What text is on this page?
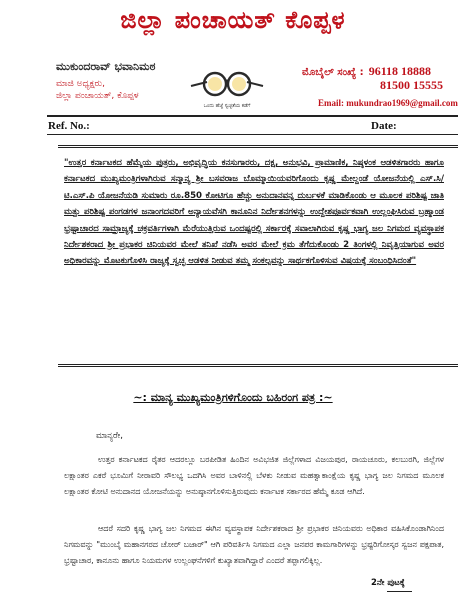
ಜಿಲ್ಲಾ ಪಂಚಾಯತ್ ಕೊಪ್ಪಳ
ಮುಕುಂದರಾವ್ ಭವಾನಿಮಠ
ಮಾಜಿ ಅಧ್ಯಕ್ಷರು,
ಜಿಲ್ಲಾ ಪಂಚಾಯತ್, ಕೊಪ್ಪಳ
ಒಂದು ಹೆಜ್ಜೆ ಸ್ವಚ್ಛತೆಯ ಕಡೆಗೆ
ಮೊಬೈಲ್ ಸಂಖ್ಯೆ : 96118 18888
81500 15555
Email: mukundrao1969@gmail.com
Ref. No.:	Date:
"ಉತ್ತರ ಕರ್ನಾಟಕದ ಹೆಮ್ಮೆಯ ಪುತ್ರರು, ಅಭಿವೃದ್ಧಿಯ ಕನಸುಗಾರರು, ದಕ್ಷ, ಅನುಭವಿ, ಪ್ರಾಮಾಣಿಕ, ನಿಷ್ಠಳಂಕ ಆಡಳಿತಗಾರರು ಹಾಗೂ ಕರ್ನಾಟಕದ ಮುಖ್ಯಮಂತ್ರಿಗಳಾಗಿರುವ ಸನ್ಮಾನ್ಯ ಶ್ರೀ ಬಸವರಾಜ ಬೊಮ್ಮಾಯಿಯವರಿಗೊಂದು ಕೃಷ್ಣ ಮೇಲ್ದಂಡೆ ಯೋಜನೆಯಲ್ಲಿ ಎಸ್.ಸಿ/ಟಿ.ಎಸ್.ಪಿ ಯೋಜನೆಯಡಿ ಸುಮಾರು ರೂ.850 ಕೋಟಿಗೂ ಹೆಚ್ಚು ಅನುದಾನವನ್ನ ದುರ್ಬಳಕೆ ಮಾಡಿಕೊಂಡು ಆ ಮೂಲಕ ಪರಿಶಿಷ್ಟ ಜಾತಿ ಮತ್ತು ಪರಿಶಿಷ್ಟ ಪಂಗಡಗಳ ಜನಾಂಗದವರಿಗೆ ಅನ್ಯಾಯವೆಸಗಿ ಕಾನೂನಿನ ನಿರ್ದೇಶನಗಳನ್ನು ಉದ್ದೇಶಪೂರ್ವಕವಾಗಿ ಉಲ್ಲಂಘಿಸಿರುವ ಬ್ರಹ್ಮಾಂಡ ಭ್ರಷ್ಟಾಚಾರದ ಸಾಮ್ರಾಜ್ಯಕ್ಕೆ ಚಕ್ರವರ್ತಿಗಳಾಗಿ ಮೆರೆಯುತ್ತಿರುವ ಒಂದಷ್ಟರಲ್ಲಿ ಸರ್ಕಾರಕ್ಕೆ ಸವಾಲಾಗಿರುವ ಕೃಷ್ಣ ಭಾಗ್ಯ ಜಲ ನಿಗಮದ ವ್ಯವಸ್ಥಾಪಕ ನಿರ್ದೇಶಕರಾದ ಶ್ರೀ ಪ್ರಭಾಕರ ಚಿನಿಯವರ ಮೇಲೆ ತನಿಖೆ ನಡೆಸಿ ಅವರ ಮೇಲೆ ಕ್ರಮ ತೆಗೆದುಕೊಂಡು 2 ತಿಂಗಳಲ್ಲಿ ನಿವೃತ್ತಿಯಾಗುವ ಅವರ ಅಧಿಕಾರವನ್ನು ಮೊಟಕುಗೊಳಿಸಿ ರಾಜ್ಯಕ್ಕೆ ಸ್ವಚ್ಛ ಆಡಳಿತ ನೀಡುವ ತಮ್ಮ ಸಂಕಲ್ಪವನ್ನು ಸಾರ್ಥಕಗೊಳಿಸುವ ವಿಷಯಕ್ಕೆ ಸಂಬಂಧಿಸಿದಂತೆ"
~: ಮಾನ್ಯ ಮುಖ್ಯಮಂತ್ರಿಗಳಿಗೊಂದು ಬಹಿರಂಗ ಪತ್ರ :~
ಮಾನ್ಯರೇ,
ಉತ್ತರ ಕರ್ನಾಟಕದ ರೈತರ ಆದರಲ್ಲೂ ಬರಪೀಡಿತ ಹಿಂದಿನ ಅವಿಭಜಿತ ಜಿಲ್ಲೆಗಳಾದ ವಿಜಯಪುರ, ರಾಯಚೂರು, ಕಲಬುರಗಿ, ಜಿಲ್ಲೆಗಳ ಲಕ್ಷಾಂತರ ಎಕರೆ ಭೂಮಿಗೆ ನೀರಾವರಿ ಸೌಲಭ್ಯ ಒದಗಿಸಿ ಅವರ ಬಾಳಿನಲ್ಲಿ ಬೆಳಕು ನೀಡುವ ಮಹತ್ವಾಕಾಂಕ್ಷೆಯ ಕೃಷ್ಣ ಭಾಗ್ಯ ಜಲ ನಿಗಮದ ಮೂಲಕ ಲಕ್ಷಾಂತರ ಕೋಟಿ ಅನುದಾನದ ಯೋಜನೆಯನ್ನು ಅನುಷ್ಠಾನಗೊಳಿಸುತ್ತಿರುವುದು ಕರ್ನಾಟಕ ಸರ್ಕಾರದ ಹೆಮ್ಮೆ ಕೂಡ ಆಗಿದೆ.
ಆದರೆ ಸದರಿ ಕೃಷ್ಣ ಭಾಗ್ಯ ಜಲ ನಿಗಮದ ಈಗಿನ ವ್ಯವಸ್ಥಾಪಕ ನಿರ್ದೇಶಕರಾದ ಶ್ರೀ ಪ್ರಭಾಕರ ಚಿನಿಯವರು ಅಧಿಕಾರ ವಹಿಸಿಕೊಂಡಾಗಿನಿಂದ ನಿಗಮವನ್ನು "ಮುಂಬೈ ಮಹಾನಗರದ ಚೋರ್ ಬಜಾರ್" ಆಗಿ ಪರಿವರ್ತಿಸಿ ನಿಗಮದ ಎಲ್ಲಾ ಜನಪರ ಕಾಮಗಾರಿಗಳನ್ನು ಭ್ರಷ್ಟರಿಗೋಸ್ಕರ ಸ್ವಜನ ಪಕ್ಷಪಾತ, ಭ್ರಷ್ಟಾಚಾರ, ಕಾನೂನು ಹಾಗೂ ನಿಯಮಗಳ ಉಲ್ಲಂಘನೆಗಳಿಗೆ ಕುಖ್ಯಾತವಾಗಿದ್ದಾರೆ ಎಂದರೆ ತಪ್ಪಾಗಲಿಕ್ಕಿಲ್ಲ.
2ನೇ ಪುಟಕ್ಕೆ
